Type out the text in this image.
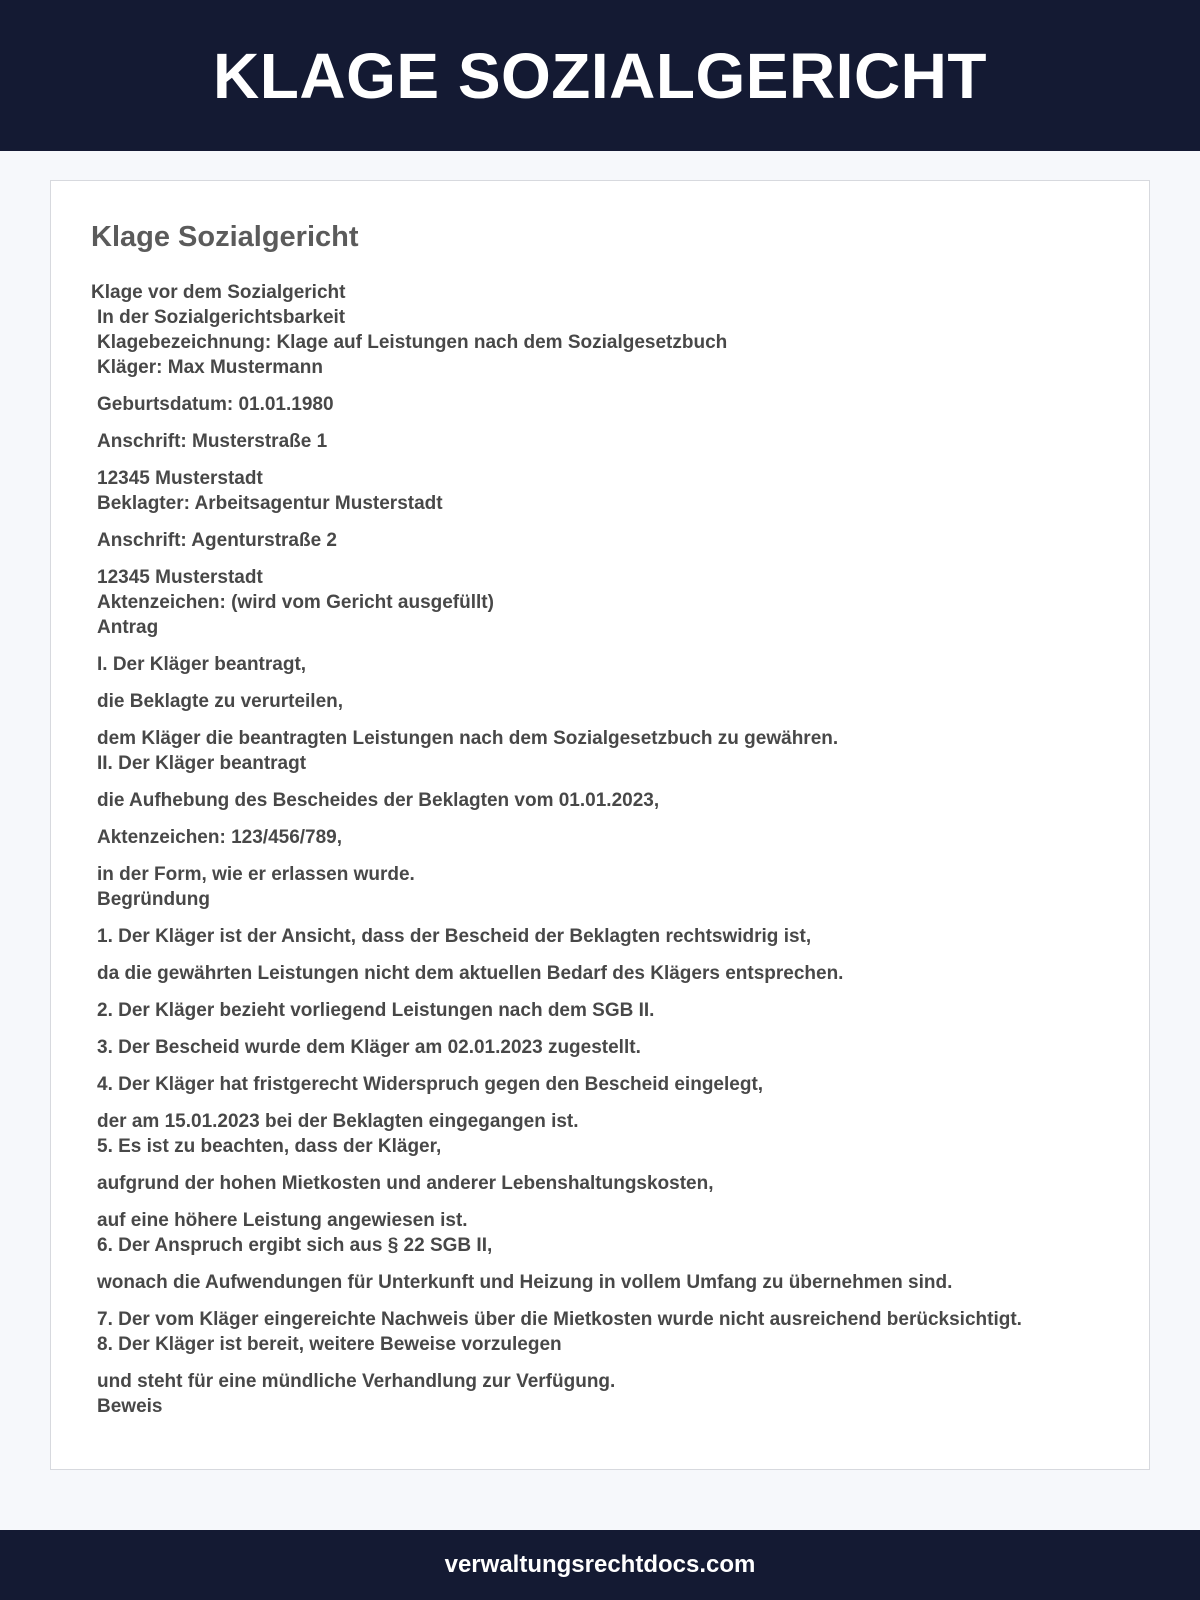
KLAGE SOZIALGERICHT
Klage Sozialgericht
Klage vor dem Sozialgericht
In der Sozialgerichtsbarkeit
Klagebezeichnung: Klage auf Leistungen nach dem Sozialgesetzbuch
Kläger: Max Mustermann
Geburtsdatum: 01.01.1980
Anschrift: Musterstraße 1
12345 Musterstadt
Beklagter: Arbeitsagentur Musterstadt
Anschrift: Agenturstraße 2
12345 Musterstadt
Aktenzeichen: (wird vom Gericht ausgefüllt)
Antrag
I. Der Kläger beantragt,
die Beklagte zu verurteilen,
dem Kläger die beantragten Leistungen nach dem Sozialgesetzbuch zu gewähren.
II. Der Kläger beantragt
die Aufhebung des Bescheides der Beklagten vom 01.01.2023,
Aktenzeichen: 123/456/789,
in der Form, wie er erlassen wurde.
Begründung
1. Der Kläger ist der Ansicht, dass der Bescheid der Beklagten rechtswidrig ist,
da die gewährten Leistungen nicht dem aktuellen Bedarf des Klägers entsprechen.
2. Der Kläger bezieht vorliegend Leistungen nach dem SGB II.
3. Der Bescheid wurde dem Kläger am 02.01.2023 zugestellt.
4. Der Kläger hat fristgerecht Widerspruch gegen den Bescheid eingelegt,
der am 15.01.2023 bei der Beklagten eingegangen ist.
5. Es ist zu beachten, dass der Kläger,
aufgrund der hohen Mietkosten und anderer Lebenshaltungskosten,
auf eine höhere Leistung angewiesen ist.
6. Der Anspruch ergibt sich aus § 22 SGB II,
wonach die Aufwendungen für Unterkunft und Heizung in vollem Umfang zu übernehmen sind.
7. Der vom Kläger eingereichte Nachweis über die Mietkosten wurde nicht ausreichend berücksichtigt.
8. Der Kläger ist bereit, weitere Beweise vorzulegen
und steht für eine mündliche Verhandlung zur Verfügung.
Beweis
verwaltungsrechtdocs.com
